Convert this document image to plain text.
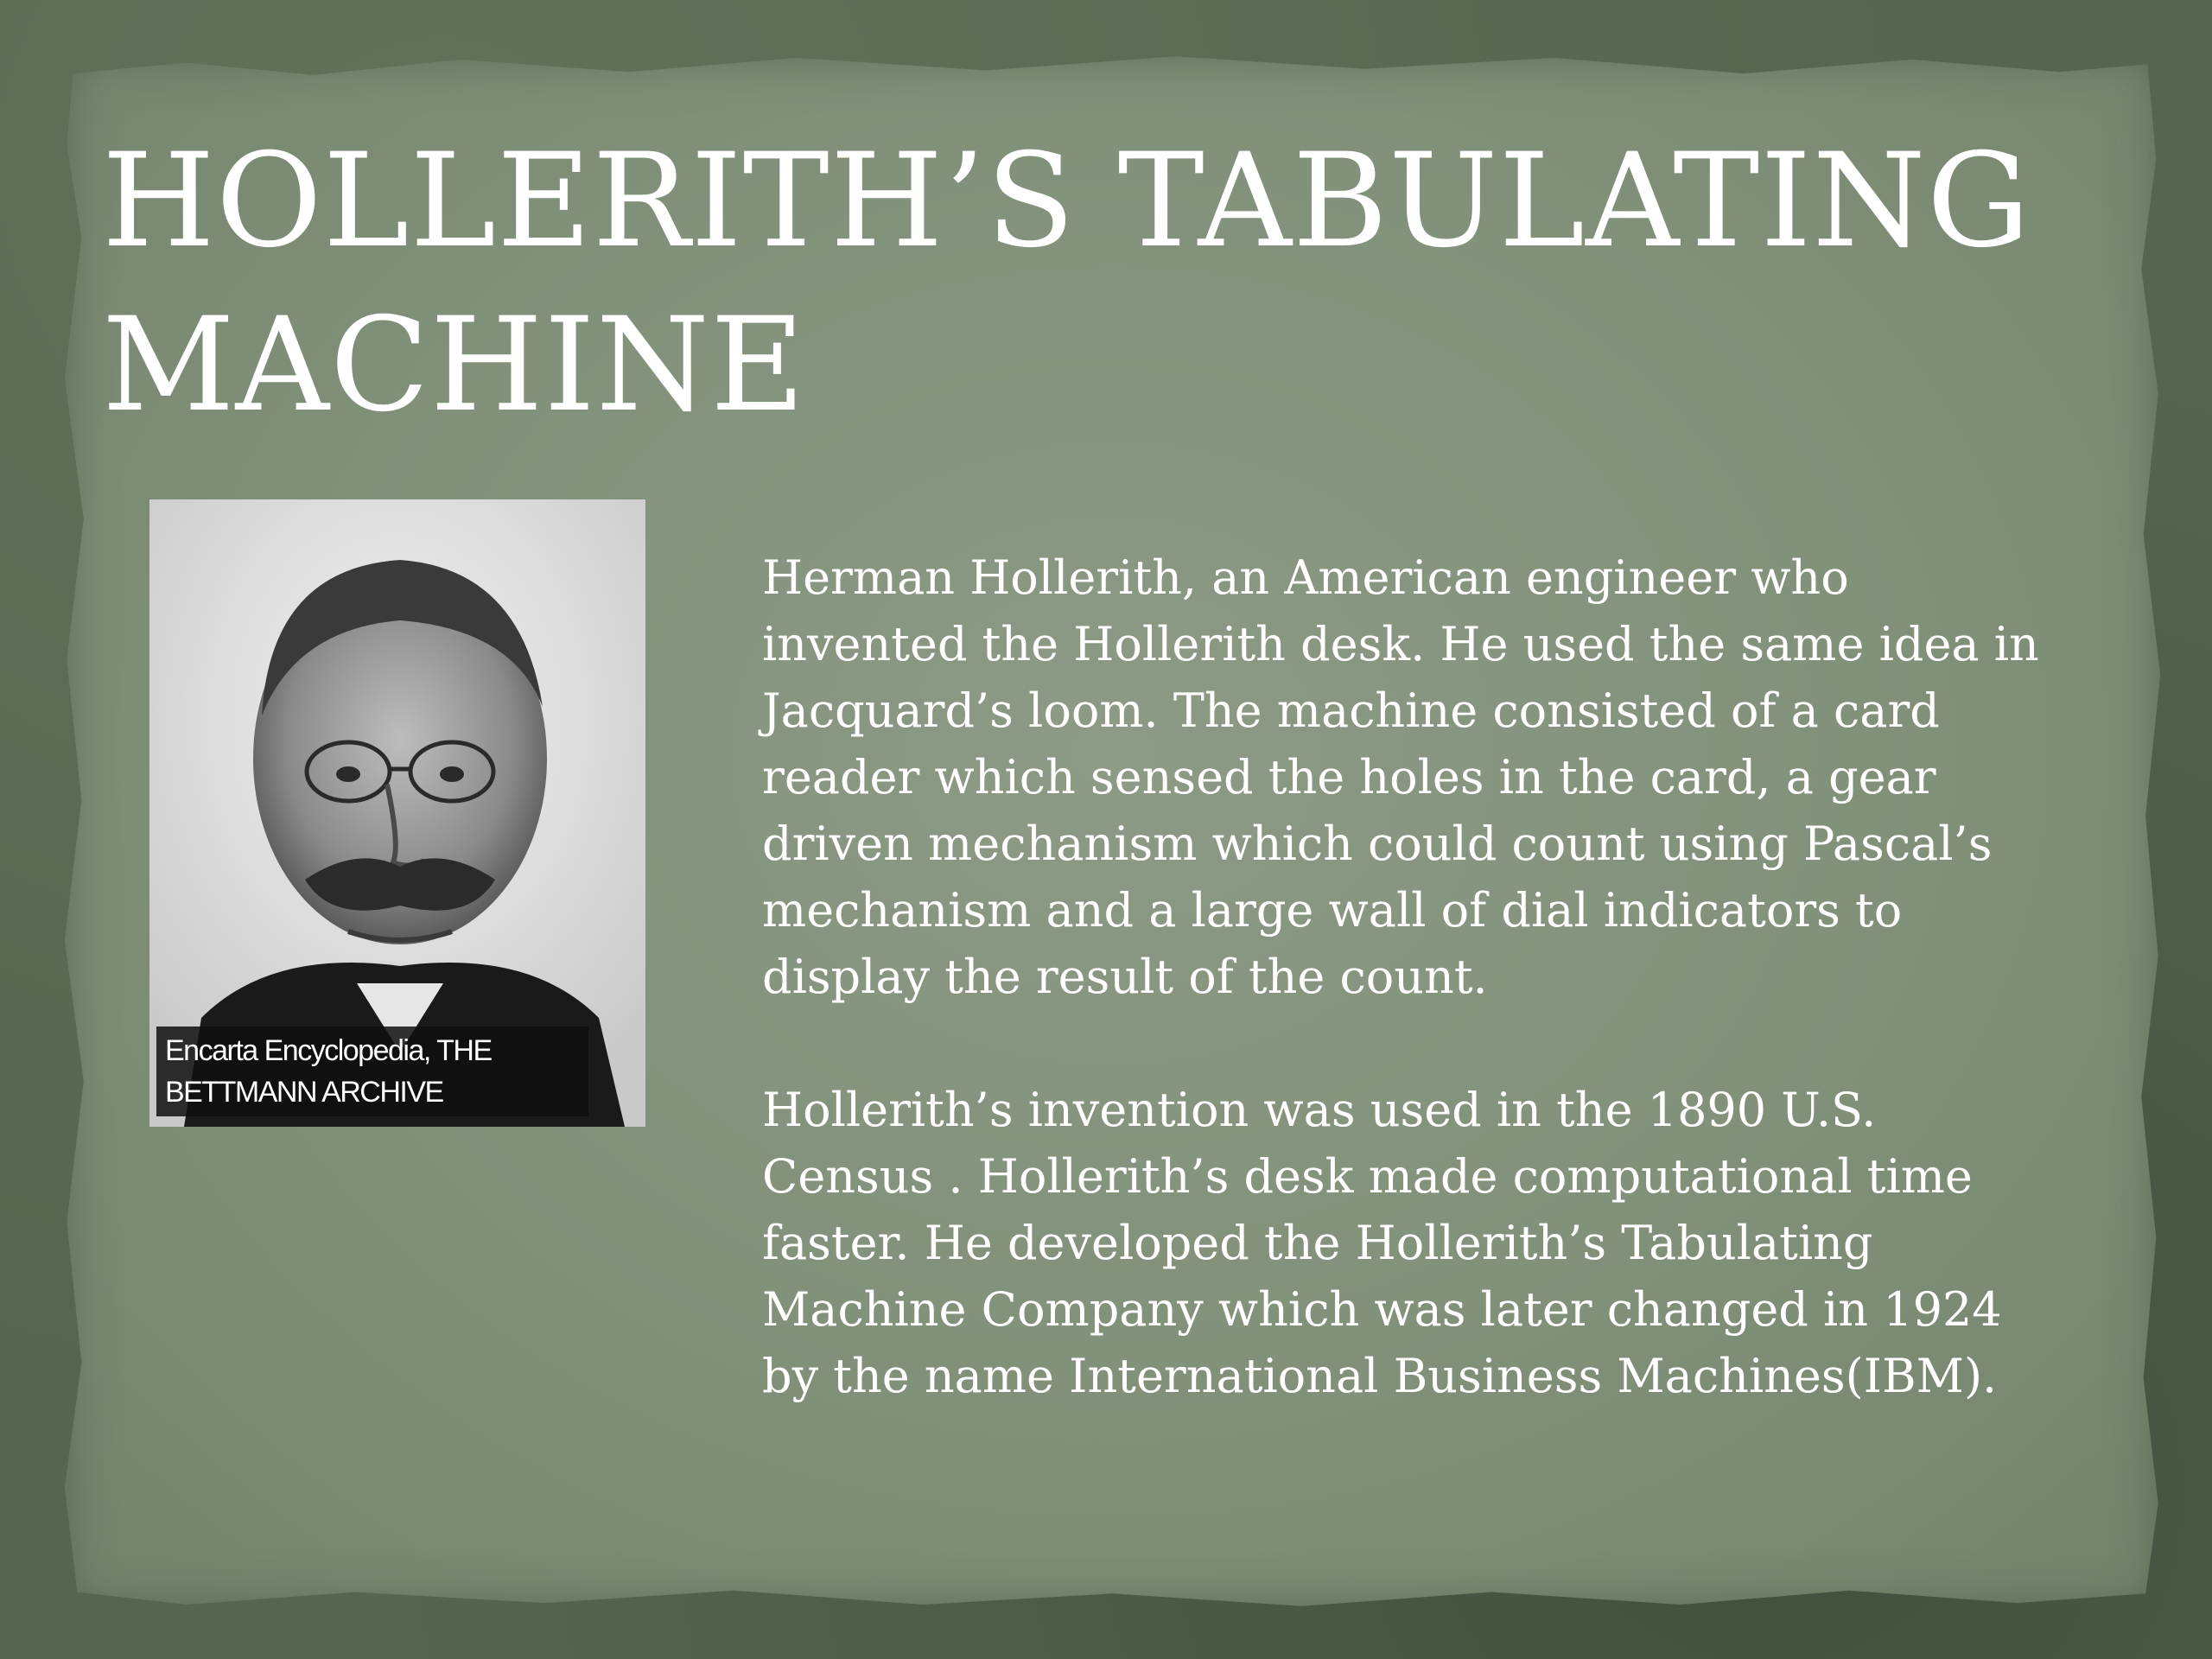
HOLLERITH’S TABULATING MACHINE
Encarta Encyclopedia, THE BETTMANN ARCHIVE

Herman Hollerith, an American engineer who invented the Hollerith desk. He used the same idea in Jacquard’s loom. The machine consisted of a card reader which sensed the holes in the card, a gear driven mechanism which could count using Pascal’s mechanism and a large wall of dial indicators to display the result of the count.

Hollerith’s invention was used in the 1890 U.S. Census . Hollerith’s desk made computational time faster. He developed the Hollerith’s Tabulating Machine Company which was later changed in 1924 by the name International Business Machines(IBM).
